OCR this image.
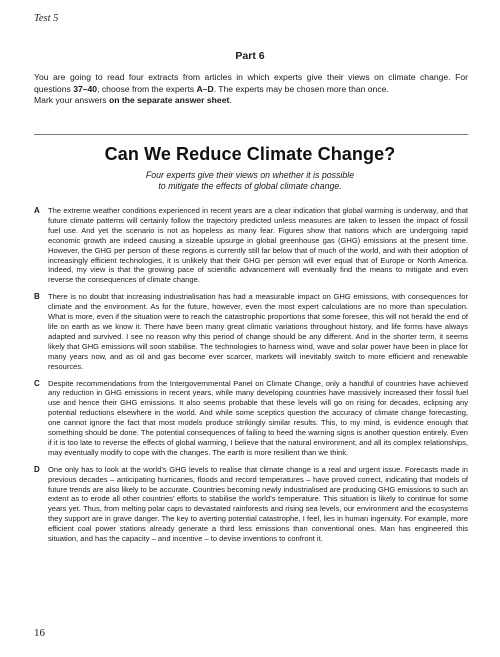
Test 5
Part 6

You are going to read four extracts from articles in which experts give their views on climate change. For questions 37–40, choose from the experts A–D. The experts may be chosen more than once.

Mark your answers on the separate answer sheet.

Can We Reduce Climate Change?
Four experts give their views on whether it is possible
to mitigate the effects of global climate change.
A The extreme weather conditions experienced in recent years are a clear indication that global warming is underway, and that future climate patterns will certainly follow the trajectory predicted unless measures are taken to lessen the impact of fossil fuel use. And yet the scenario is not as hopeless as many fear. Figures show that nations which are undergoing rapid economic growth are indeed causing a sizeable upsurge in global greenhouse gas (GHG) emissions at the present time. However, the GHG per person of these regions is currently still far below that of much of the world, and with their adoption of increasingly efficient technologies, it is unlikely that their GHG per person will ever equal that of Europe or North America. Indeed, my view is that the growing pace of scientific advancement will eventually find the means to mitigate and even reverse the consequences of climate change.
B There is no doubt that increasing industrialisation has had a measurable impact on GHG emissions, with consequences for climate and the environment. As for the future, however, even the most expert calculations are no more than speculation. What is more, even if the situation were to reach the catastrophic proportions that some foresee, this will not herald the end of life on earth as we know it. There have been many great climatic variations throughout history, and life forms have always adapted and survived. I see no reason why this period of change should be any different. And in the shorter term, it seems likely that GHG emissions will soon stabilise. The technologies to harness wind, wave and solar power have been in place for many years now, and as oil and gas become ever scarcer, markets will inevitably switch to more efficient and renewable resources.
C Despite recommendations from the Intergovernmental Panel on Climate Change, only a handful of countries have achieved any reduction in GHG emissions in recent years, while many developing countries have massively increased their fossil fuel use and hence their GHG emissions. It also seems probable that these levels will go on rising for decades, eclipsing any potential reductions elsewhere in the world. And while some sceptics question the accuracy of climate change forecasting, one cannot ignore the fact that most models produce strikingly similar results. This, to my mind, is evidence enough that something should be done. The potential consequences of failing to heed the warning signs is another question entirely. Even if it is too late to reverse the effects of global warming, I believe that the natural environment, and all its complex relationships, may eventually modify to cope with the changes. The earth is more resilient than we think.
D One only has to look at the world’s GHG levels to realise that climate change is a real and urgent issue. Forecasts made in previous decades – anticipating hurricanes, floods and record temperatures – have proved correct, indicating that models of future trends are also likely to be accurate. Countries becoming newly industrialised are producing GHG emissions to such an extent as to erode all other countries’ efforts to stabilise the world’s temperature. This situation is likely to continue for some years yet. Thus, from melting polar caps to devastated rainforests and rising sea levels, our environment and the ecosystems they support are in grave danger. The key to averting potential catastrophe, I feel, lies in human ingenuity. For example, more efficient coal power stations already generate a third less emissions than conventional ones. Man has engineered this situation, and has the capacity – and incentive – to devise inventions to confront it.
16
